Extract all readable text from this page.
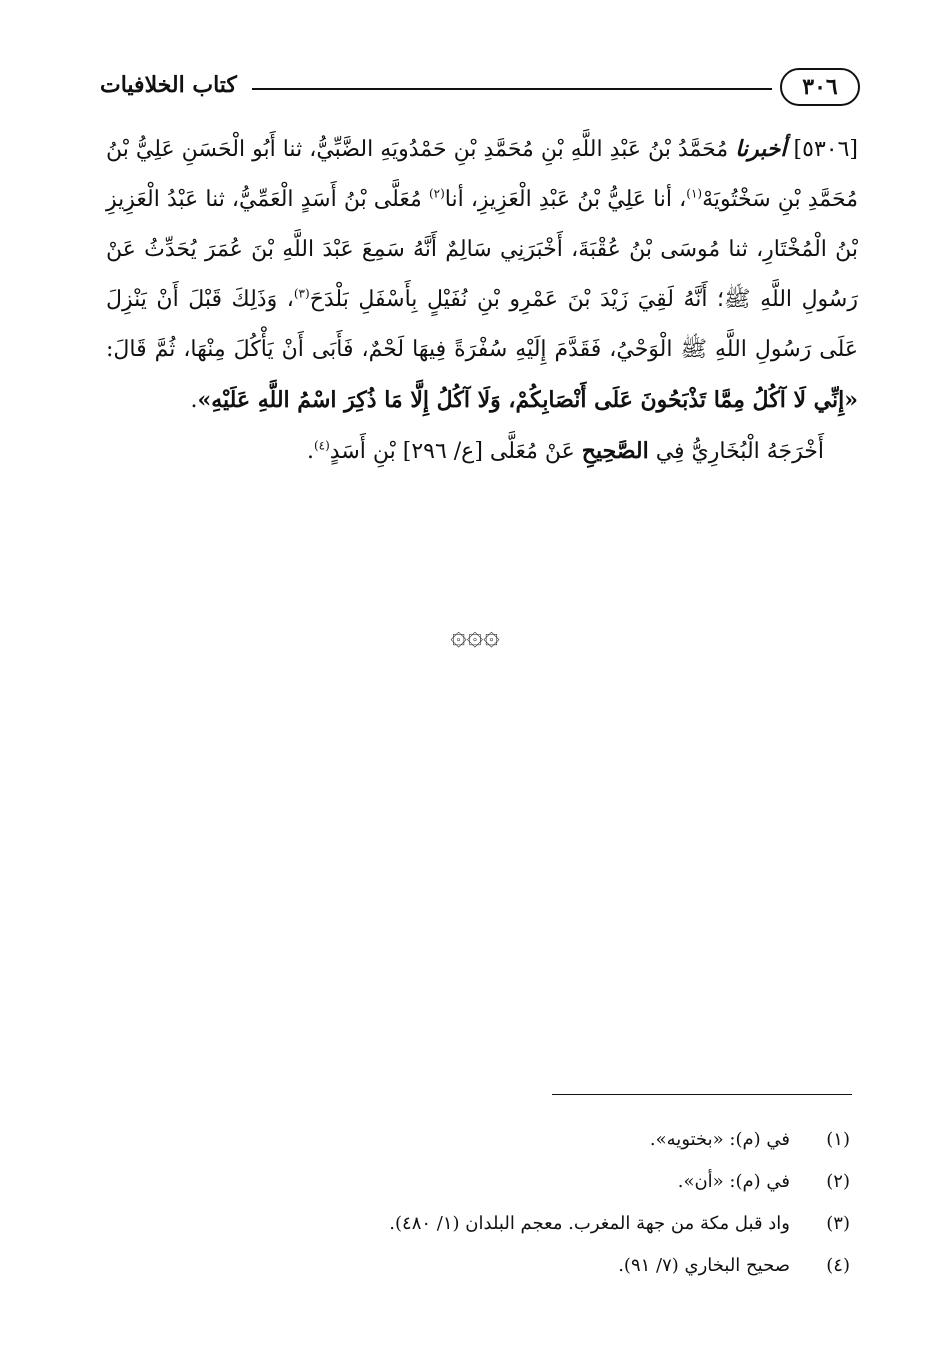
٣٠٦
كتاب الخلافيات
[٥٣٠٦] أخبرنا مُحَمَّدُ بْنُ عَبْدِ اللَّهِ بْنِ مُحَمَّدِ بْنِ حَمْدُويَهِ الضَّبِّيُّ، ثنا أَبُو الْحَسَنِ عَلِيُّ بْنُ مُحَمَّدِ بْنِ سَخْتُويَهْ$^{(١)}$، أنا عَلِيُّ بْنُ عَبْدِ الْعَزِيزِ، أنا$^{(٢)}$ مُعَلَّى بْنُ أَسَدٍ الْعَمِّيُّ، ثنا عَبْدُ الْعَزِيزِ بْنُ الْمُخْتَارِ، ثنا مُوسَى بْنُ عُقْبَةَ، أَخْبَرَنِي سَالِمٌ أَنَّهُ سَمِعَ عَبْدَ اللَّهِ بْنَ عُمَرَ يُحَدِّثُ عَنْ رَسُولِ اللَّهِ ﷺ؛ أَنَّهُ لَقِيَ زَيْدَ بْنَ عَمْرِو بْنِ نُفَيْلٍ بِأَسْفَلِ بَلْدَحَ$^{(٣)}$، وَذَلِكَ قَبْلَ أَنْ يَنْزِلَ عَلَى رَسُولِ اللَّهِ ﷺ الْوَحْيُ، فَقَدَّمَ إِلَيْهِ سُفْرَةً فِيهَا لَحْمٌ، فَأَبَى أَنْ يَأْكُلَ مِنْهَا، ثُمَّ قَالَ: «إِنِّي لَا آكُلُ مِمَّا تَذْبَحُونَ عَلَى أَنْصَابِكُمْ، وَلَا آكُلُ إِلَّا مَا ذُكِرَ اسْمُ اللَّهِ عَلَيْهِ».
أَخْرَجَهُ الْبُخَارِيُّ فِي الصَّحِيحِ عَنْ مُعَلَّى [ع/ ٢٩٦] بْنِ أَسَدٍ$^{(٤)}$.
۞۞۞
(١)
في (م): «بختويه».
(٢)
في (م): «أن».
(٣)
واد قبل مكة من جهة المغرب. معجم البلدان (١/ ٤٨٠).
(٤)
صحيح البخاري (٧/ ٩١).
